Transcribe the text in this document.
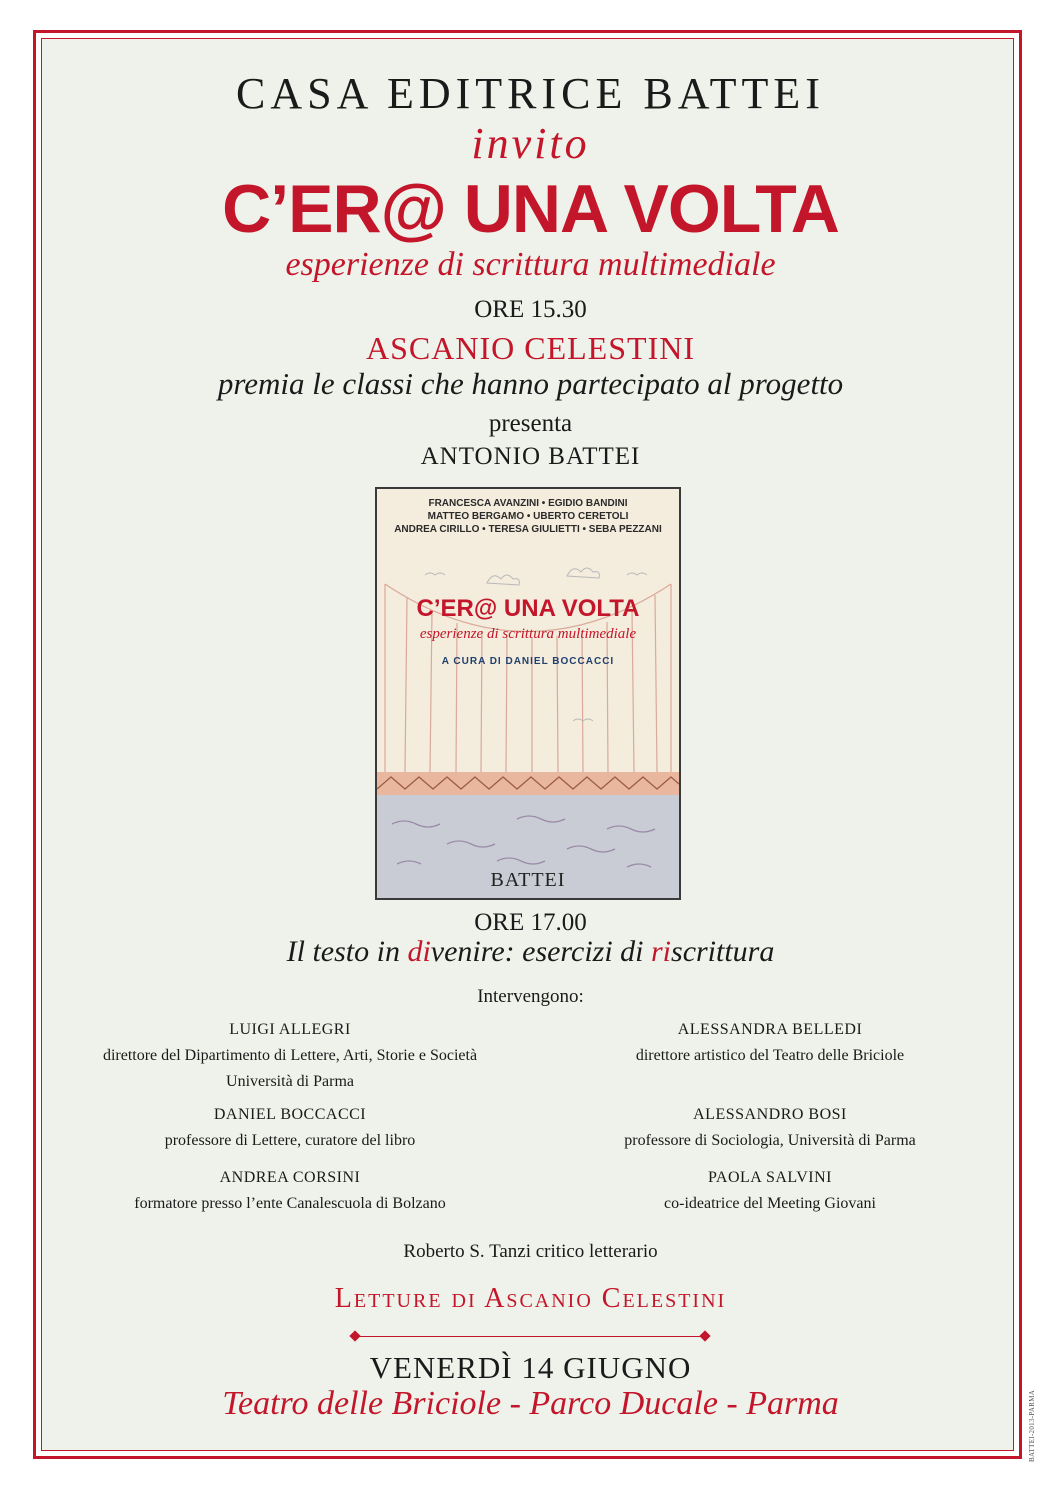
CASA EDITRICE BATTEI
invito
C’ER@ UNA VOLTA
esperienze di scrittura multimediale
ORE 15.30
ASCANIO CELESTINI
premia le classi che hanno partecipato al progetto
presenta
ANTONIO BATTEI
FRANCESCA AVANZINI • EGIDIO BANDINI
MATTEO BERGAMO • UBERTO CERETOLI
ANDREA CIRILLO • TERESA GIULIETTI • SEBA PEZZANI
C’ER@ UNA VOLTA
esperienze di scrittura multimediale
A CURA DI DANIEL BOCCACCI
BATTEI
ORE 17.00
Il testo in divenire: esercizi di riscrittura
Intervengono:
LUIGI ALLEGRI
direttore del Dipartimento di Lettere, Arti, Storie e Società
Università di Parma
DANIEL BOCCACCI
professore di Lettere, curatore del libro
ANDREA CORSINI
formatore presso l’ente Canalescuola di Bolzano
ALESSANDRA BELLEDI
direttore artistico del Teatro delle Briciole
ALESSANDRO BOSI
professore di Sociologia, Università di Parma
PAOLA SALVINI
co-ideatrice del Meeting Giovani
Roberto S. Tanzi critico letterario
Letture di Ascanio Celestini
VENERDÌ 14 GIUGNO
Teatro delle Briciole - Parco Ducale - Parma	BATTEI-2013-PARMA
